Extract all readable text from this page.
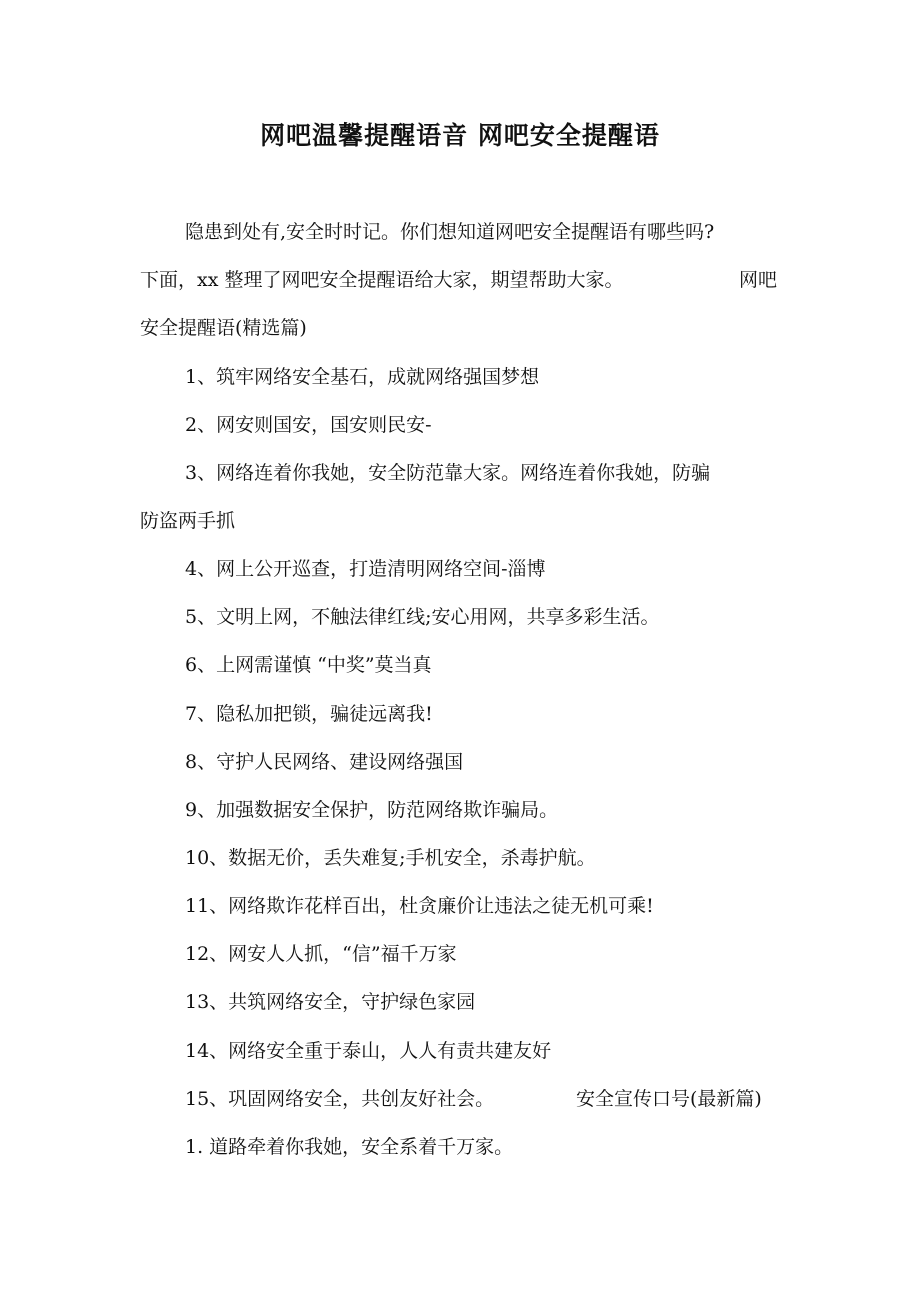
网吧温馨提醒语音 网吧安全提醒语
隐患到处有,安全时时记。你们想知道网吧安全提醒语有哪些吗?
下面，xx 整理了网吧安全提醒语给大家，期望帮助大家。	网吧
安全提醒语(精选篇)
1、筑牢网络安全基石，成就网络强国梦想
2、网安则国安，国安则民安-
3、网络连着你我她，安全防范靠大家。网络连着你我她，防骗
防盗两手抓
4、网上公开巡查，打造清明网络空间-淄博
5、文明上网，不触法律红线;安心用网，共享多彩生活。
6、上网需谨慎 “中奖”莫当真
7、隐私加把锁，骗徒远离我!
8、守护人民网络、建设网络强国
9、加强数据安全保护，防范网络欺诈骗局。
10、数据无价，丢失难复;手机安全，杀毒护航。
11、网络欺诈花样百出，杜贪廉价让违法之徒无机可乘!
12、网安人人抓，“信”福千万家
13、共筑网络安全，守护绿色家园
14、网络安全重于泰山，人人有责共建友好
15、巩固网络安全，共创友好社会。	安全宣传口号(最新篇)
1. 道路牵着你我她，安全系着千万家。
